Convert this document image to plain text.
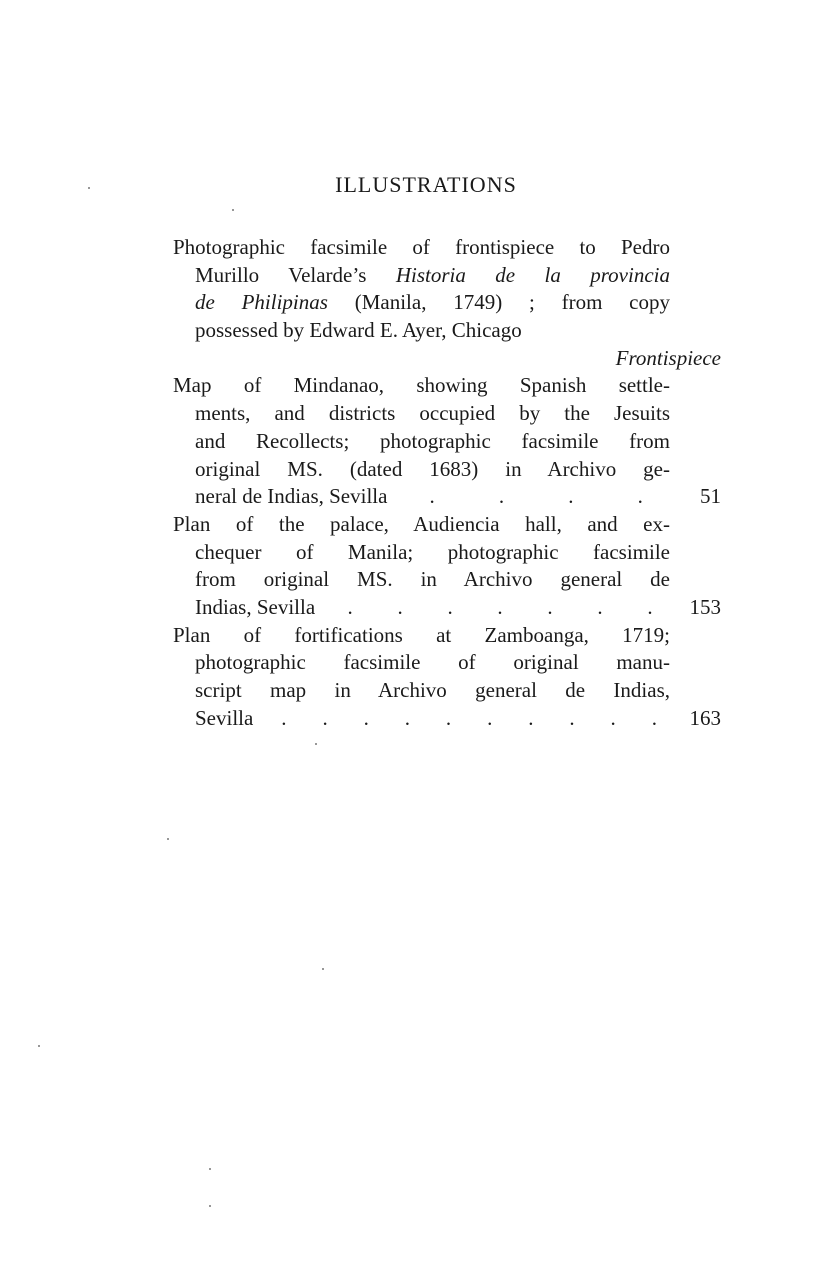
ILLUSTRATIONS
Photographic facsimile of frontispiece to Pedro
Murillo Velarde’s Historia de la provincia
de Philipinas (Manila, 1749) ; from copy
possessed by Edward E. Ayer, Chicago
Frontispiece
Map of Mindanao, showing Spanish settle-
ments, and districts occupied by the Jesuits
and Recollects; photographic facsimile from
original MS. (dated 1683) in Archivo ge-
neral de Indias, Sevilla .	.	.	.	51
Plan of the palace, Audiencia hall, and ex-
chequer of Manila; photographic facsimile
from original MS. in Archivo general de
Indias, Sevilla . . . . . . .	153
Plan of fortifications at Zamboanga, 1719;
photographic facsimile of original manu-
script map in Archivo general de Indias,
Sevilla . . . . . . . . . .	163
